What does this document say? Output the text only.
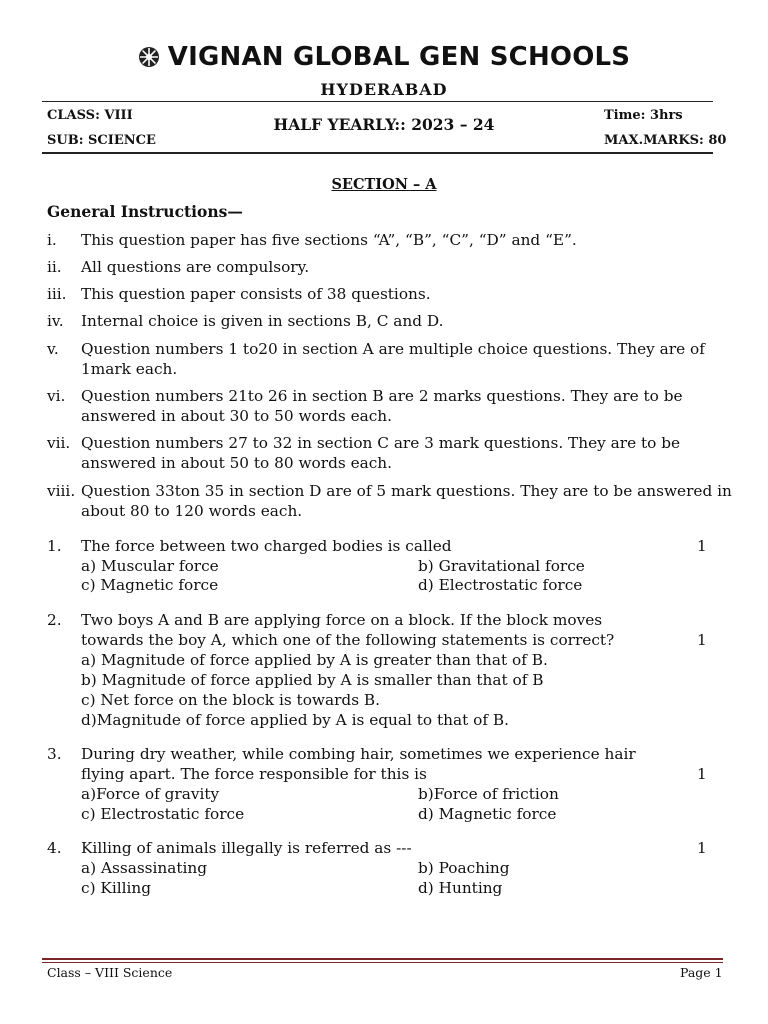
VIGNAN GLOBAL GEN SCHOOLS
HYDERABAD
CLASS: VIII
SUB: SCIENCE
HALF YEARLY:: 2023 – 24	Time: 3hrs
MAX.MARKS: 80
SECTION – A
General Instructions—
i.	This question paper has five sections “A”, “B”, “C”, “D” and “E”.
ii.	All questions are compulsory.
iii. This question paper consists of 38 questions.
iv.	Internal choice is given in sections B, C and D.
v.	Question numbers 1 to20 in section A are multiple choice questions. They are of 1mark each.
vi.	Question numbers 21to 26 in section B are 2 marks questions. They are to be answered in about 30 to 50 words each.
vii. Question numbers 27 to 32 in section C are 3 mark questions. They are to be answered in about 50 to 80 words each.
viii. Question 33ton 35 in section D are of 5 mark questions. They are to be answered in about 80 to 120 words each.
1. The force between two charged bodies is called	1
a) Muscular force	b) Gravitational force
c) Magnetic force	d) Electrostatic force
2. Two boys A and B are applying force on a block. If the block moves
towards the boy A, which one of the following statements is correct?	1
a) Magnitude of force applied by A is greater than that of B.
b) Magnitude of force applied by A is smaller than that of B
c) Net force on the block is towards B.
d)Magnitude of force applied by A is equal to that of B.
3. During dry weather, while combing hair, sometimes we experience hair
flying apart. The force responsible for this is	1
a)Force of gravity	b)Force of friction
c) Electrostatic force	d) Magnetic force
4. Killing of animals illegally is referred as ---	1
a) Assassinating	b) Poaching
c) Killing	d) Hunting
Class – VIII Science	Page 1
